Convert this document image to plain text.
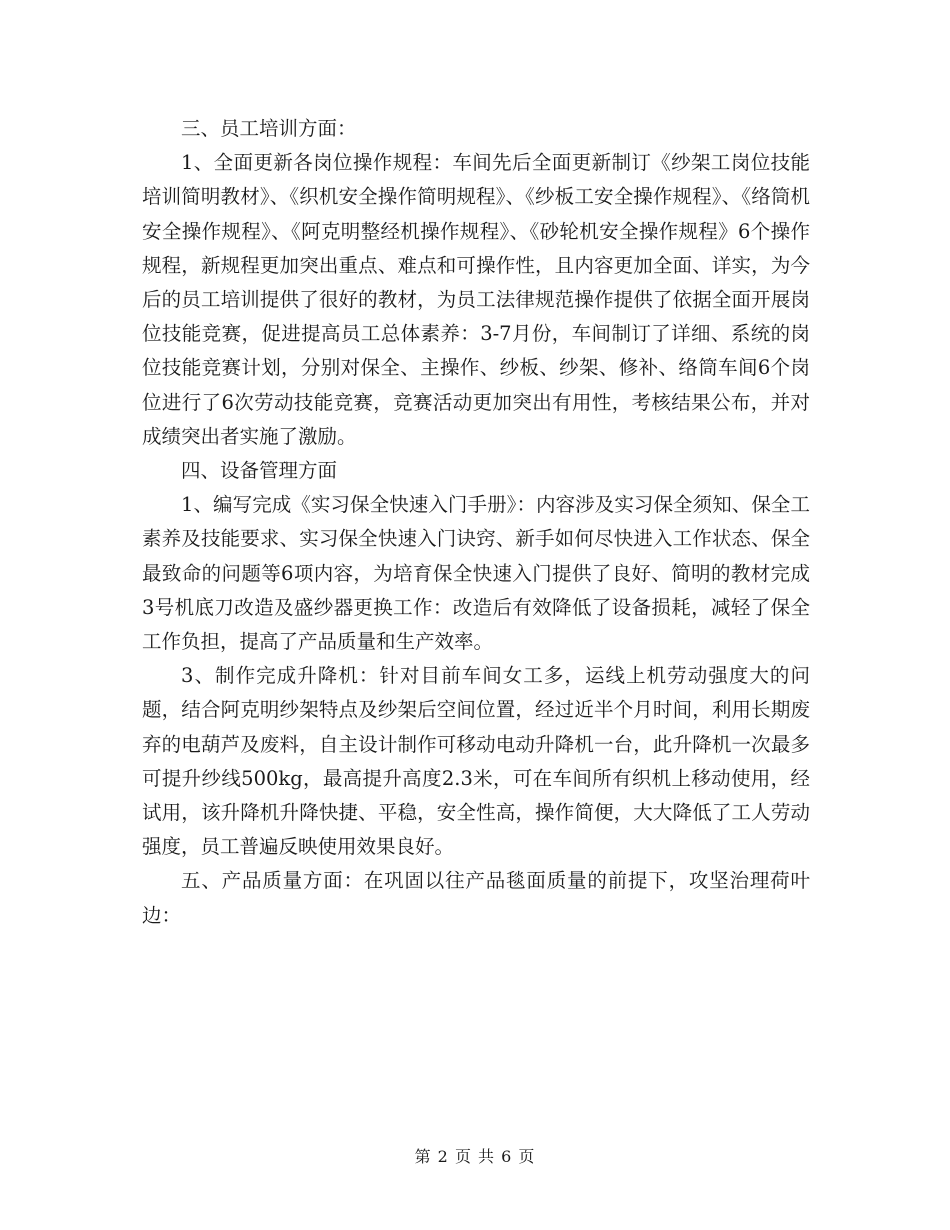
三、员工培训方面：

1、全面更新各岗位操作规程：车间先后全面更新制订《纱架工岗位技能培训简明教材》、《织机安全操作简明规程》、《纱板工安全操作规程》、《络筒机安全操作规程》、《阿克明整经机操作规程》、《砂轮机安全操作规程》6个操作规程，新规程更加突出重点、难点和可操作性，且内容更加全面、详实，为今后的员工培训提供了很好的教材，为员工法律规范操作提供了依据全面开展岗位技能竞赛，促进提高员工总体素养：3-7月份，车间制订了详细、系统的岗位技能竞赛计划，分别对保全、主操作、纱板、纱架、修补、络筒车间6个岗位进行了6次劳动技能竞赛，竞赛活动更加突出有用性，考核结果公布，并对成绩突出者实施了激励。

四、设备管理方面

1、编写完成《实习保全快速入门手册》：内容涉及实习保全须知、保全工素养及技能要求、实习保全快速入门诀窍、新手如何尽快进入工作状态、保全最致命的问题等6项内容，为培育保全快速入门提供了良好、简明的教材完成3号机底刀改造及盛纱器更换工作：改造后有效降低了设备损耗，减轻了保全工作负担，提高了产品质量和生产效率。

3、制作完成升降机：针对目前车间女工多，运线上机劳动强度大的问题，结合阿克明纱架特点及纱架后空间位置，经过近半个月时间，利用长期废弃的电葫芦及废料，自主设计制作可移动电动升降机一台，此升降机一次最多可提升纱线500kg，最高提升高度2.3米，可在车间所有织机上移动使用，经试用，该升降机升降快捷、平稳，安全性高，操作简便，大大降低了工人劳动强度，员工普遍反映使用效果良好。

五、产品质量方面：在巩固以往产品毯面质量的前提下，攻坚治理荷叶边：

第 2 页 共 6 页
